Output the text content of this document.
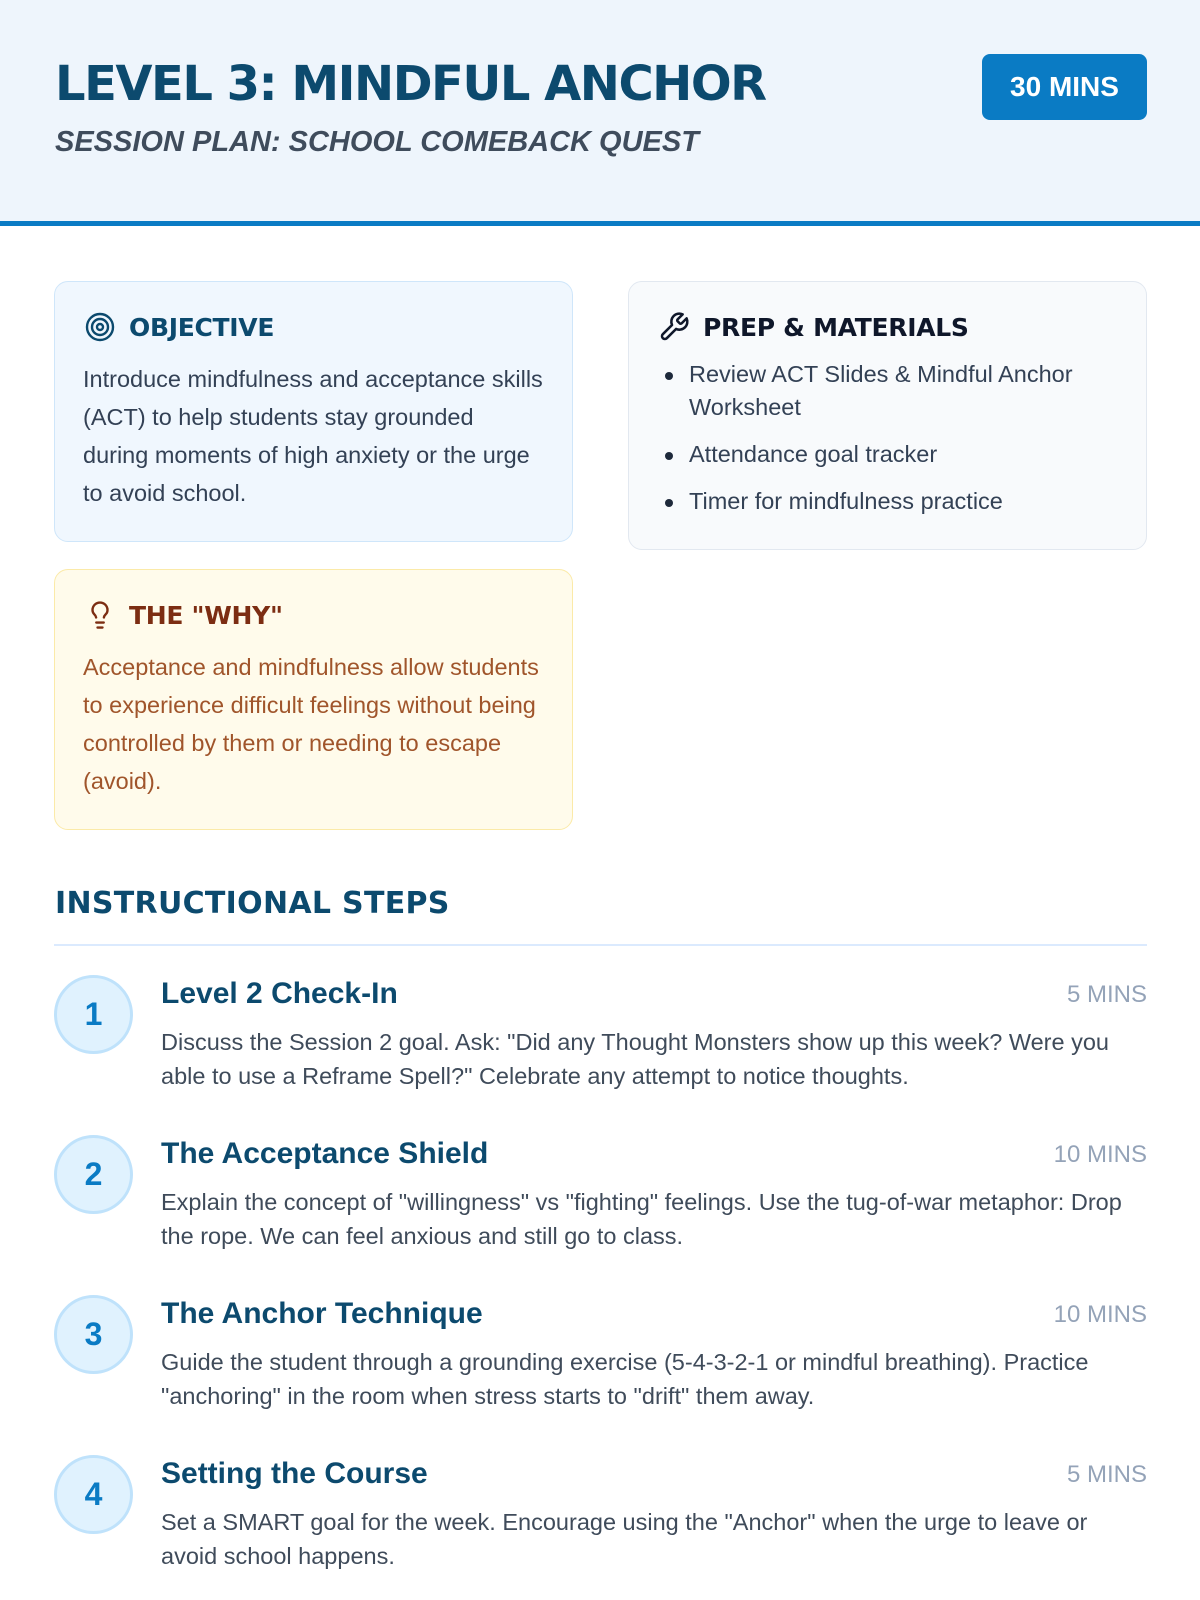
LEVEL 3: MINDFUL ANCHOR
SESSION PLAN: SCHOOL COMEBACK QUEST
30 MINS
OBJECTIVE

Introduce mindfulness and acceptance skills (ACT) to help students stay grounded during moments of high anxiety or the urge to avoid school.

PREP & MATERIALS
Review ACT Slides & Mindful Anchor Worksheet
Attendance goal tracker
Timer for mindfulness practice
THE "WHY"

Acceptance and mindfulness allow students to experience difficult feelings without being controlled by them or needing to escape (avoid).

INSTRUCTIONAL STEPS
1
Level 2 Check-In	5 MINS

Discuss the Session 2 goal. Ask: "Did any Thought Monsters show up this week? Were you able to use a Reframe Spell?" Celebrate any attempt to notice thoughts.

2
The Acceptance Shield	10 MINS

Explain the concept of "willingness" vs "fighting" feelings. Use the tug-of-war metaphor: Drop the rope. We can feel anxious and still go to class.

3
The Anchor Technique	10 MINS

Guide the student through a grounding exercise (5-4-3-2-1 or mindful breathing). Practice "anchoring" in the room when stress starts to "drift" them away.

4
Setting the Course	5 MINS

Set a SMART goal for the week. Encourage using the "Anchor" when the urge to leave or avoid school happens.
